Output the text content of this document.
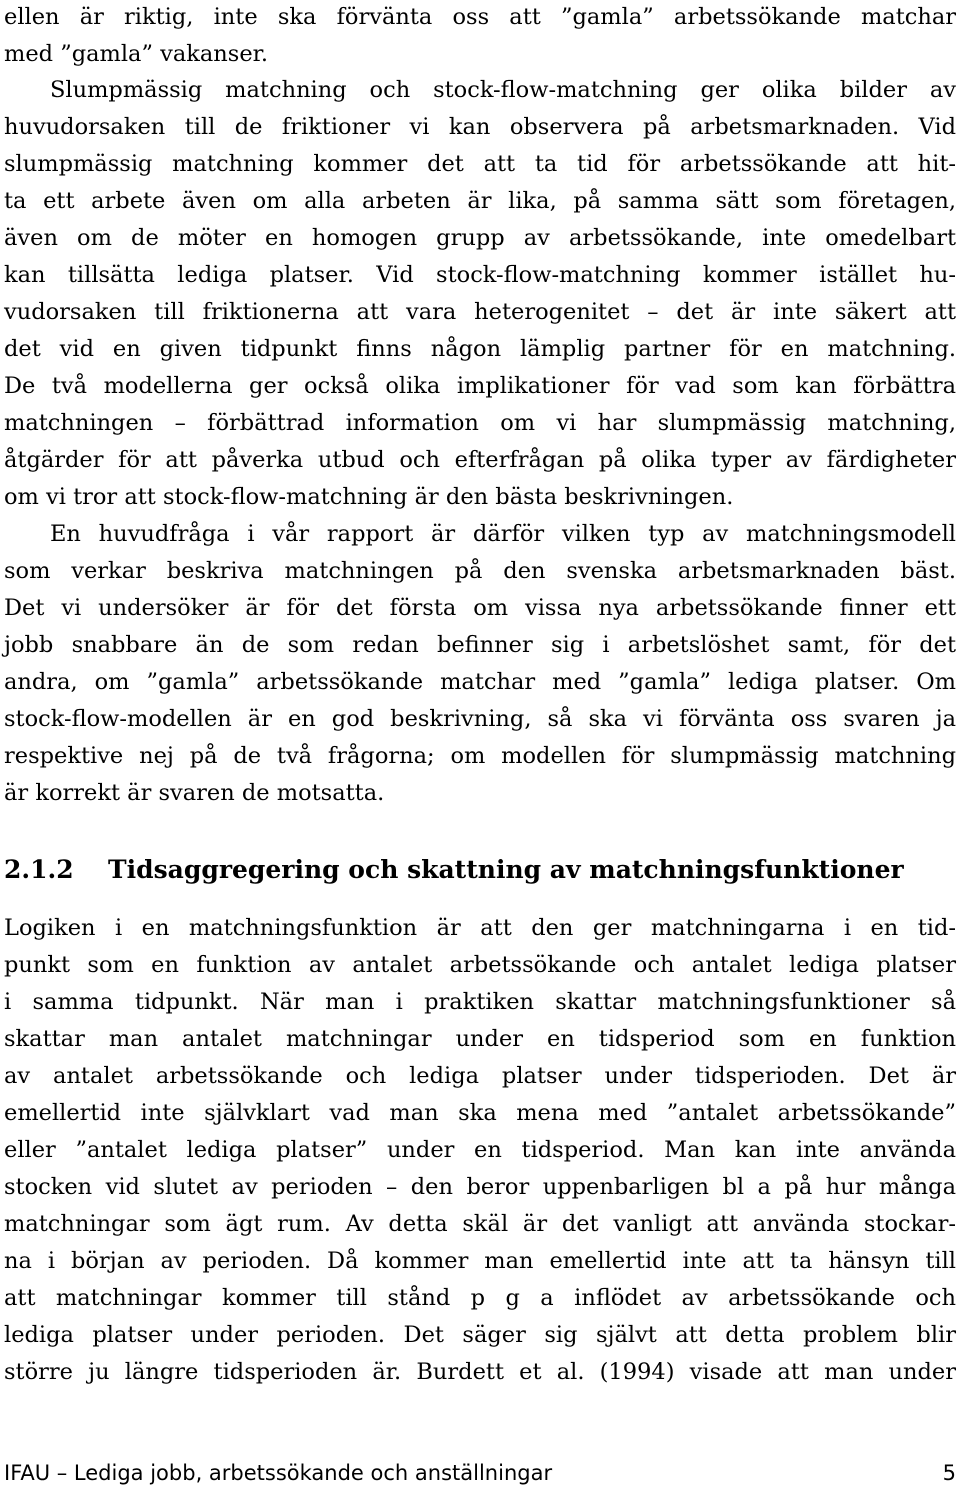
ellen är riktig, inte ska förvänta oss att ”gamla” arbetssökande matchar
med ”gamla” vakanser.
Slumpmässig matchning och stock-flow-matchning ger olika bilder av
huvudorsaken till de friktioner vi kan observera på arbetsmarknaden. Vid
slumpmässig matchning kommer det att ta tid för arbetssökande att hit-
ta ett arbete även om alla arbeten är lika, på samma sätt som företagen,
även om de möter en homogen grupp av arbetssökande, inte omedelbart
kan tillsätta lediga platser. Vid stock-flow-matchning kommer istället hu-
vudorsaken till friktionerna att vara heterogenitet – det är inte säkert att
det vid en given tidpunkt finns någon lämplig partner för en matchning.
De två modellerna ger också olika implikationer för vad som kan förbättra
matchningen – förbättrad information om vi har slumpmässig matchning,
åtgärder för att påverka utbud och efterfrågan på olika typer av färdigheter
om vi tror att stock-flow-matchning är den bästa beskrivningen.
En huvudfråga i vår rapport är därför vilken typ av matchningsmodell
som verkar beskriva matchningen på den svenska arbetsmarknaden bäst.
Det vi undersöker är för det första om vissa nya arbetssökande finner ett
jobb snabbare än de som redan befinner sig i arbetslöshet samt, för det
andra, om ”gamla” arbetssökande matchar med ”gamla” lediga platser. Om
stock-flow-modellen är en god beskrivning, så ska vi förvänta oss svaren ja
respektive nej på de två frågorna; om modellen för slumpmässig matchning
är korrekt är svaren de motsatta.
2.1.2 Tidsaggregering och skattning av matchningsfunktioner
Logiken i en matchningsfunktion är att den ger matchningarna i en tid-
punkt som en funktion av antalet arbetssökande och antalet lediga platser
i samma tidpunkt. När man i praktiken skattar matchningsfunktioner så
skattar man antalet matchningar under en tidsperiod som en funktion
av antalet arbetssökande och lediga platser under tidsperioden. Det är
emellertid inte självklart vad man ska mena med ”antalet arbetssökande”
eller ”antalet lediga platser” under en tidsperiod. Man kan inte använda
stocken vid slutet av perioden – den beror uppenbarligen bl a på hur många
matchningar som ägt rum. Av detta skäl är det vanligt att använda stockar-
na i början av perioden. Då kommer man emellertid inte att ta hänsyn till
att matchningar kommer till stånd p g a inflödet av arbetssökande och
lediga platser under perioden. Det säger sig självt att detta problem blir
större ju längre tidsperioden är. Burdett et al. (1994) visade att man under
IFAU – Lediga jobb, arbetssökande och anställningar	5
